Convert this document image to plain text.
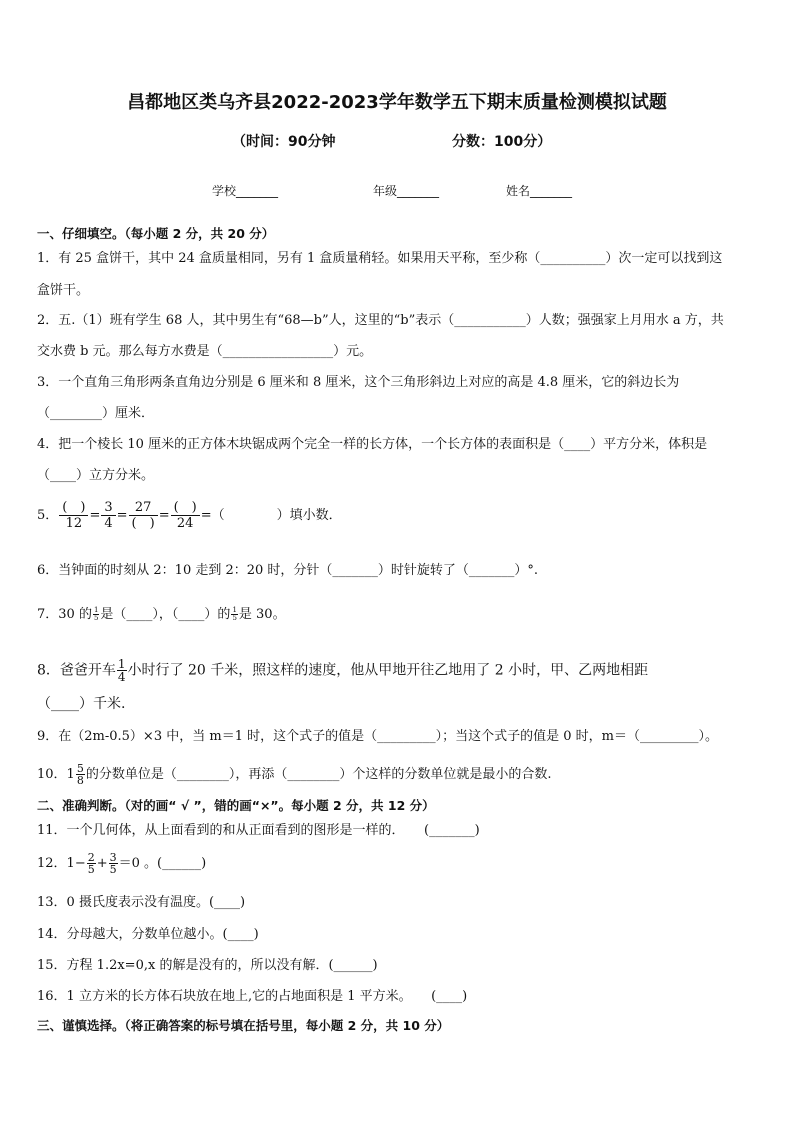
昌都地区类乌齐县2022-2023学年数学五下期末质量检测模拟试题
（时间：90分钟	分数：100分）
学校_______	年级_______	姓名_______
一、仔细填空。（每小题 2 分，共 20 分）
1．有 25 盒饼干，其中 24 盒质量相同，另有 1 盒质量稍轻。如果用天平称，至少称（__________）次一定可以找到这
盒饼干。
2．五.（1）班有学生 68 人，其中男生有“68—b”人，这里的“b”表示（___________）人数；强强家上月用水 a 方，共
交水费 b 元。那么每方水费是（_________________）元。
3．一个直角三角形两条直角边分别是 6 厘米和 8 厘米，这个三角形斜边上对应的高是 4.8 厘米，它的斜边长为
（________）厘米．
4．把一个棱长 10 厘米的正方体木块锯成两个完全一样的长方体，一个长方体的表面积是（____）平方分米，体积是
（____）立方分米。
5． $\frac{( )}{12} = \frac{3}{4} = \frac{27}{( )} = \frac{( )}{24}$ =（　　　　）填小数．
6．当钟面的时刻从 2：10 走到 2：20 时，分针（_______）时针旋转了（_______）°.
7．30 的 $\frac{1}{5}$ 是（____），（____）的 $\frac{1}{5}$ 是 30。
8．爸爸开车 $\frac{1}{4}$ 小时行了 20 千米，照这样的速度，他从甲地开往乙地用了 2 小时，甲、乙两地相距
（____）千米.
9．在（2m-0.5）×3 中，当 m＝1 时，这个式子的值是（_________）；当这个式子的值是 0 时，m＝（_________）。
10．$1 \frac{5}{8}$ 的分数单位是（________），再添（________）个这样的分数单位就是最小的合数.
二、准确判断。（对的画“ √ ”，错的画“×”。每小题 2 分，共 12 分）
11．一个几何体，从上面看到的和从正面看到的图形是一样的．　　(_______)
12．$1- \frac{2}{5} + \frac{3}{5} =0$ 。(______)
13．0 摄氏度表示没有温度。(____)
14．分母越大，分数单位越小。(____)
15．方程 1.2x=0,x 的解是没有的，所以没有解．(______)
16．1 立方米的长方体石块放在地上,它的占地面积是 1 平方米。　　(____)
三、谨慎选择。（将正确答案的标号填在括号里，每小题 2 分，共 10 分）
